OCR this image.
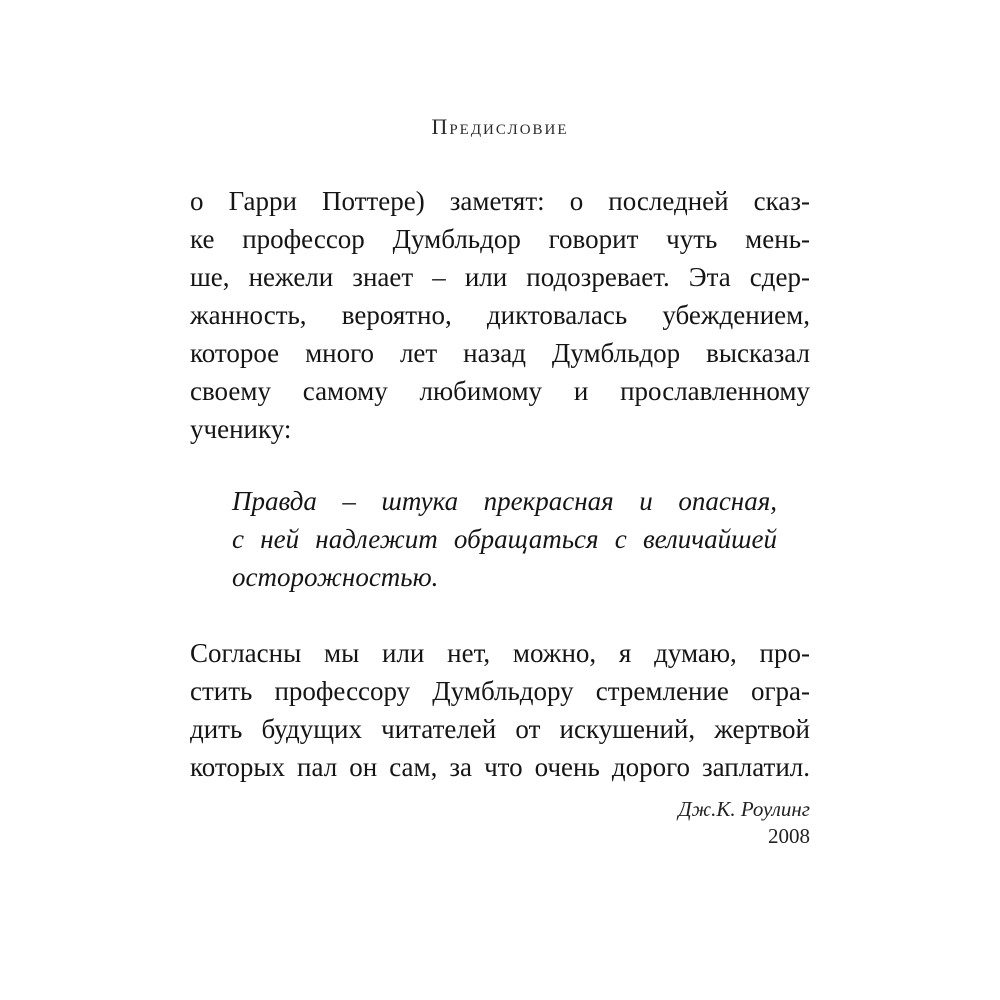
Предисловие
о Гарри Поттере) заметят: о последней сказ-
ке профессор Думбльдор говорит чуть мень-
ше, нежели знает – или подозревает. Эта сдер-
жанность, вероятно, диктовалась убеждением,
которое много лет назад Думбльдор высказал
своему самому любимому и прославленному
ученику:
Правда – штука прекрасная и опасная,
с ней надлежит обращаться с величайшей
осторожностью.
Согласны мы или нет, можно, я думаю, про-
стить профессору Думбльдору стремление огра-
дить будущих читателей от искушений, жертвой
которых пал он сам, за что очень дорого заплатил.
Дж.К. Роулинг
2008
